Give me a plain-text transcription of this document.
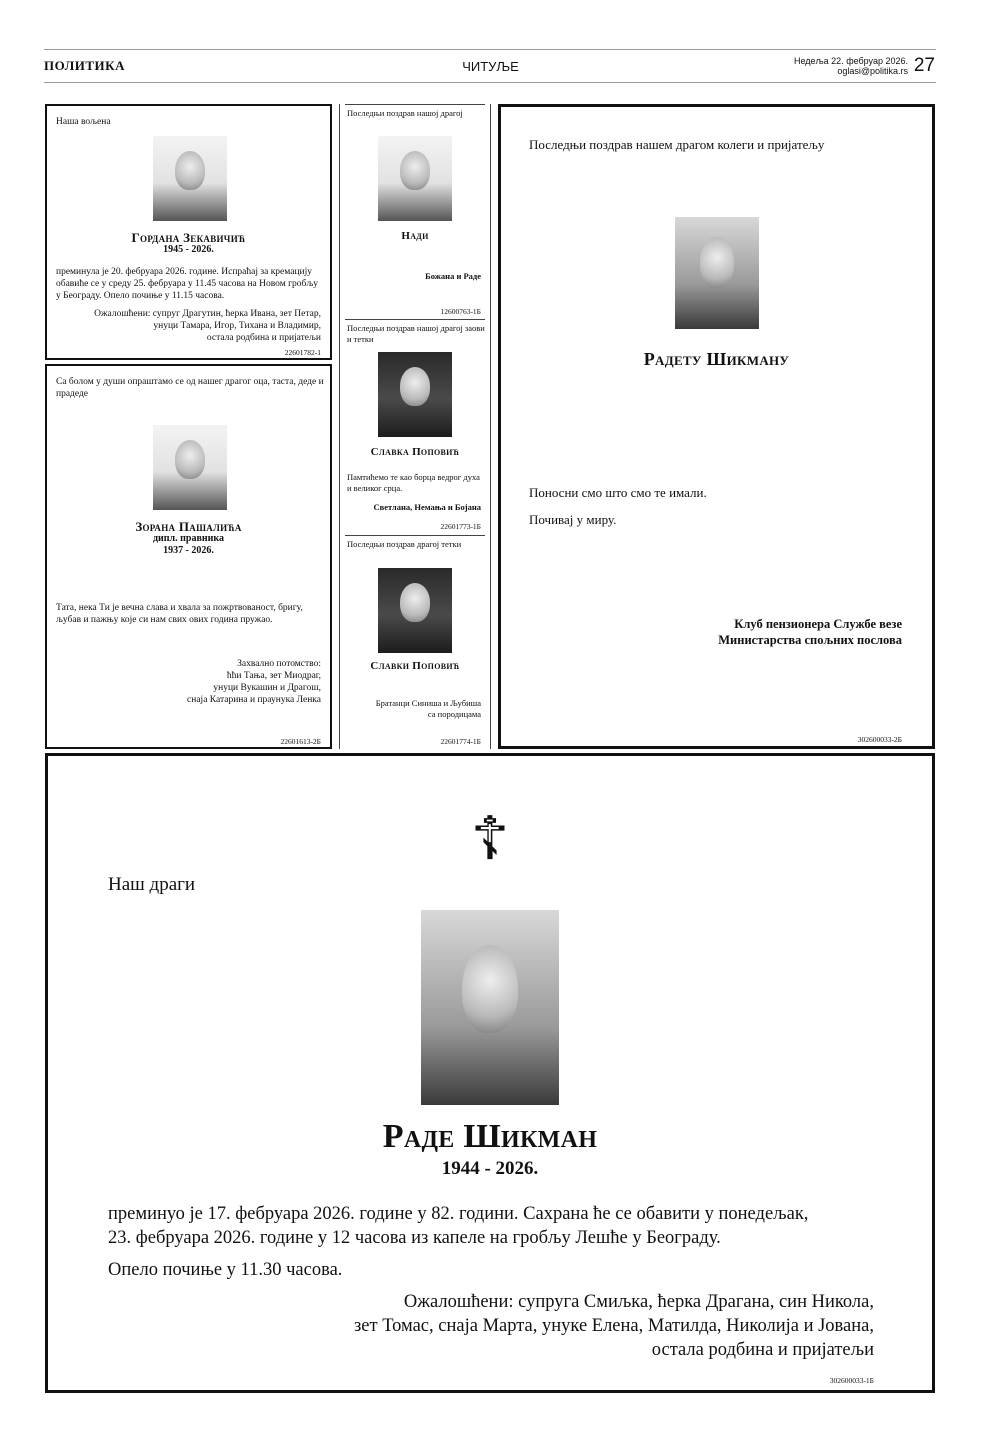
ПОЛИТИКА	ЧИТУЉЕ	Недеља 22. фебруар 2026.
oglasi@politika.rs 27
Наша вољена
Гордана Зекавичић
1945 - 2026.
преминула је 20. фебруара 2026. године. Испраћај за кремацију обавиће се у среду 25. фебруара у 11.45 часова на Новом гробљу у Београду. Опело почиње у 11.15 часова.
Ожалошћени: супруг Драгутин, ћерка Ивана, зет Петар,
унуци Тамара, Игор, Тихана и Владимир,
остала родбина и пријатељи
22601782-1
Са болом у души опраштамо се од нашег драгог оца, таста, деде и прадеде
Зорана Пашалића
дипл. правника
1937 - 2026.
Тата, нека Ти је вечна слава и хвала за пожртвованост, бригу, љубав и пажњу које си нам свих ових година пружао.
Захвално потомство:
ћћи Тања, зет Миодраг,
унуци Вукашин и Драгош,
снаја Катарина и праунука Ленка
22601613-2Б
Последњи поздрав нашој драгој
Нади
Божана и Раде
12600763-1Б
Последњи поздрав нашој драгој заови и тетки
Славка Поповић
Памтићемо те као борца ведрог духа и великог срца.
Светлана, Немања и Бојана
22601773-1Б
Последњи поздрав драгој тетки
Славки Поповић
Братанци Синиша и Љубиша
са породицама
22601774-1Б
Последњи поздрав нашем драгом колеги и пријатељу
Радету Шикману
Поносни смо што смо те имали.
Почивај у миру.
Клуб пензионера Службе везе
Министарства спољних послова
302600033-2Б
☦
Наш драги
Раде Шикман
1944 - 2026.
преминуо је 17. фебруара 2026. године у 82. години. Сахрана ће се обавити у понедељак,
23. фебруара 2026. године у 12 часова из капеле на гробљу Лешће у Београду.
Опело почиње у 11.30 часова.
Ожалошћени: супруга Смиљка, ћерка Драгана, син Никола,
зет Томас, снаја Марта, унуке Елена, Матилда, Николија и Јована,
остала родбина и пријатељи
302600033-1Б
